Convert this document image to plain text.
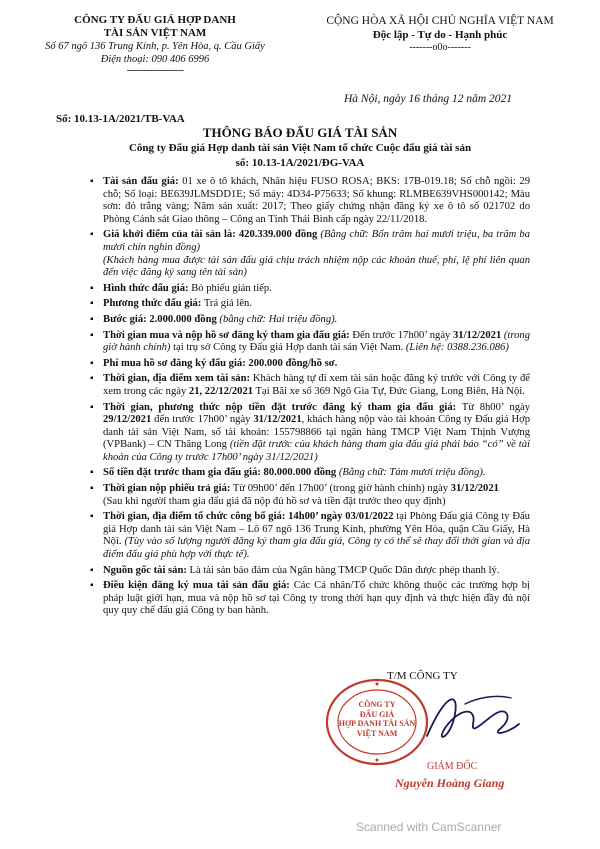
CÔNG TY ĐẤU GIÁ HỢP DANH
TÀI SẢN VIỆT NAM
Số 67 ngõ 136 Trung Kính, p. Yên Hòa, q. Cầu Giấy
Điện thoại: 090 406 6996
--------------------
CỘNG HÒA XÃ HỘI CHỦ NGHĨA VIỆT NAM
Độc lập - Tự do - Hạnh phúc
-------o0o-------
Hà Nội, ngày 16 tháng 12 năm 2021
Số: 10.13-1A/2021/TB-VAA
THÔNG BÁO ĐẤU GIÁ TÀI SẢN
Công ty Đấu giá Hợp danh tài sản Việt Nam tổ chức Cuộc đấu giá tài sản
số: 10.13-1A/2021/ĐG-VAA
▪ Tài sản đấu giá: 01 xe ô tô khách, Nhãn hiệu FUSO ROSA; BKS: 17B-019.18; Số chỗ ngồi: 29 chỗ; Số loại: BE639JLMSDD1E; Số máy: 4D34-P75633; Số khung: RLMBE639VHS000142; Màu sơn: đỏ trắng vàng; Năm sản xuất: 2017; Theo giấy chứng nhận đăng ký xe ô tô số 021702 do Phòng Cảnh sát Giao thông – Công an Tỉnh Thái Bình cấp ngày 22/11/2018.
▪ Giá khởi điểm của tài sản là: 420.339.000 đồng (Bằng chữ: Bốn trăm hai mươi triệu, ba trăm ba mươi chín nghìn đồng)
(Khách hàng mua được tài sản đấu giá chịu trách nhiệm nộp các khoản thuế, phí, lệ phí liên quan đến việc đăng ký sang tên tài sản)
▪ Hình thức đấu giá: Bỏ phiếu gián tiếp.
▪ Phương thức đấu giá: Trả giá lên.
▪ Bước giá: 2.000.000 đồng (bằng chữ: Hai triệu đồng).
▪ Thời gian mua và nộp hồ sơ đăng ký tham gia đấu giá: Đến trước 17h00’ ngày 31/12/2021 (trong giờ hành chính) tại trụ sở Công ty Đấu giá Hợp danh tài sản Việt Nam. (Liên hệ: 0388.236.086)
▪ Phí mua hồ sơ đăng ký đấu giá: 200.000 đồng/hồ sơ.
▪ Thời gian, địa điểm xem tài sản: Khách hàng tự đi xem tài sản hoặc đăng ký trước với Công ty để xem trong các ngày 21, 22/12/2021 Tại Bãi xe số 369 Ngô Gia Tự, Đức Giang, Long Biên, Hà Nội.
▪ Thời gian, phương thức nộp tiền đặt trước đăng ký tham gia đấu giá: Từ 8h00’ ngày 29/12/2021 đến trước 17h00’ ngày 31/12/2021, khách hàng nộp vào tài khoản Công ty Đấu giá Hợp danh tài sản Việt Nam, số tài khoản: 155798866 tại ngân hàng TMCP Việt Nam Thịnh Vượng (VPBank) – CN Thăng Long (tiền đặt trước của khách hàng tham gia đấu giá phải báo “có” về tài khoản của Công ty trước 17h00’ ngày 31/12/2021)
▪ Số tiền đặt trước tham gia đấu giá: 80.000.000 đồng (Bằng chữ: Tám mươi triệu đồng).
▪ Thời gian nộp phiếu trả giá: Từ 09h00’ đến 17h00’ (trong giờ hành chính) ngày 31/12/2021
(Sau khi người tham gia đấu giá đã nộp đủ hồ sơ và tiền đặt trước theo quy định)
▪ Thời gian, địa điểm tổ chức công bố giá: 14h00’ ngày 03/01/2022 tại Phòng Đấu giá Công ty Đấu giá Hợp danh tài sản Việt Nam – Lô 67 ngõ 136 Trung Kính, phường Yên Hòa, quận Cầu Giấy, Hà Nội. (Tùy vào số lượng người đăng ký tham gia đấu giá, Công ty có thể sẽ thay đổi thời gian và địa điểm đấu giá phù hợp với thực tế).
▪ Nguồn gốc tài sản: Là tài sản bảo đảm của Ngân hàng TMCP Quốc Dân được phép thanh lý.
▪ Điều kiện đăng ký mua tài sản đấu giá: Các Cá nhân/Tổ chức không thuộc các trường hợp bị pháp luật giới hạn, mua và nộp hồ sơ tại Công ty trong thời hạn quy định và thực hiện đầy đủ nội quy quy chế đấu giá Công ty ban hành.
T/M CÔNG TY
CÔNG TY
ĐẤU GIÁ
HỢP DANH TÀI SẢN
VIỆT NAM
GIÁM ĐỐC
Nguyễn Hoàng Giang
Scanned with CamScanner
